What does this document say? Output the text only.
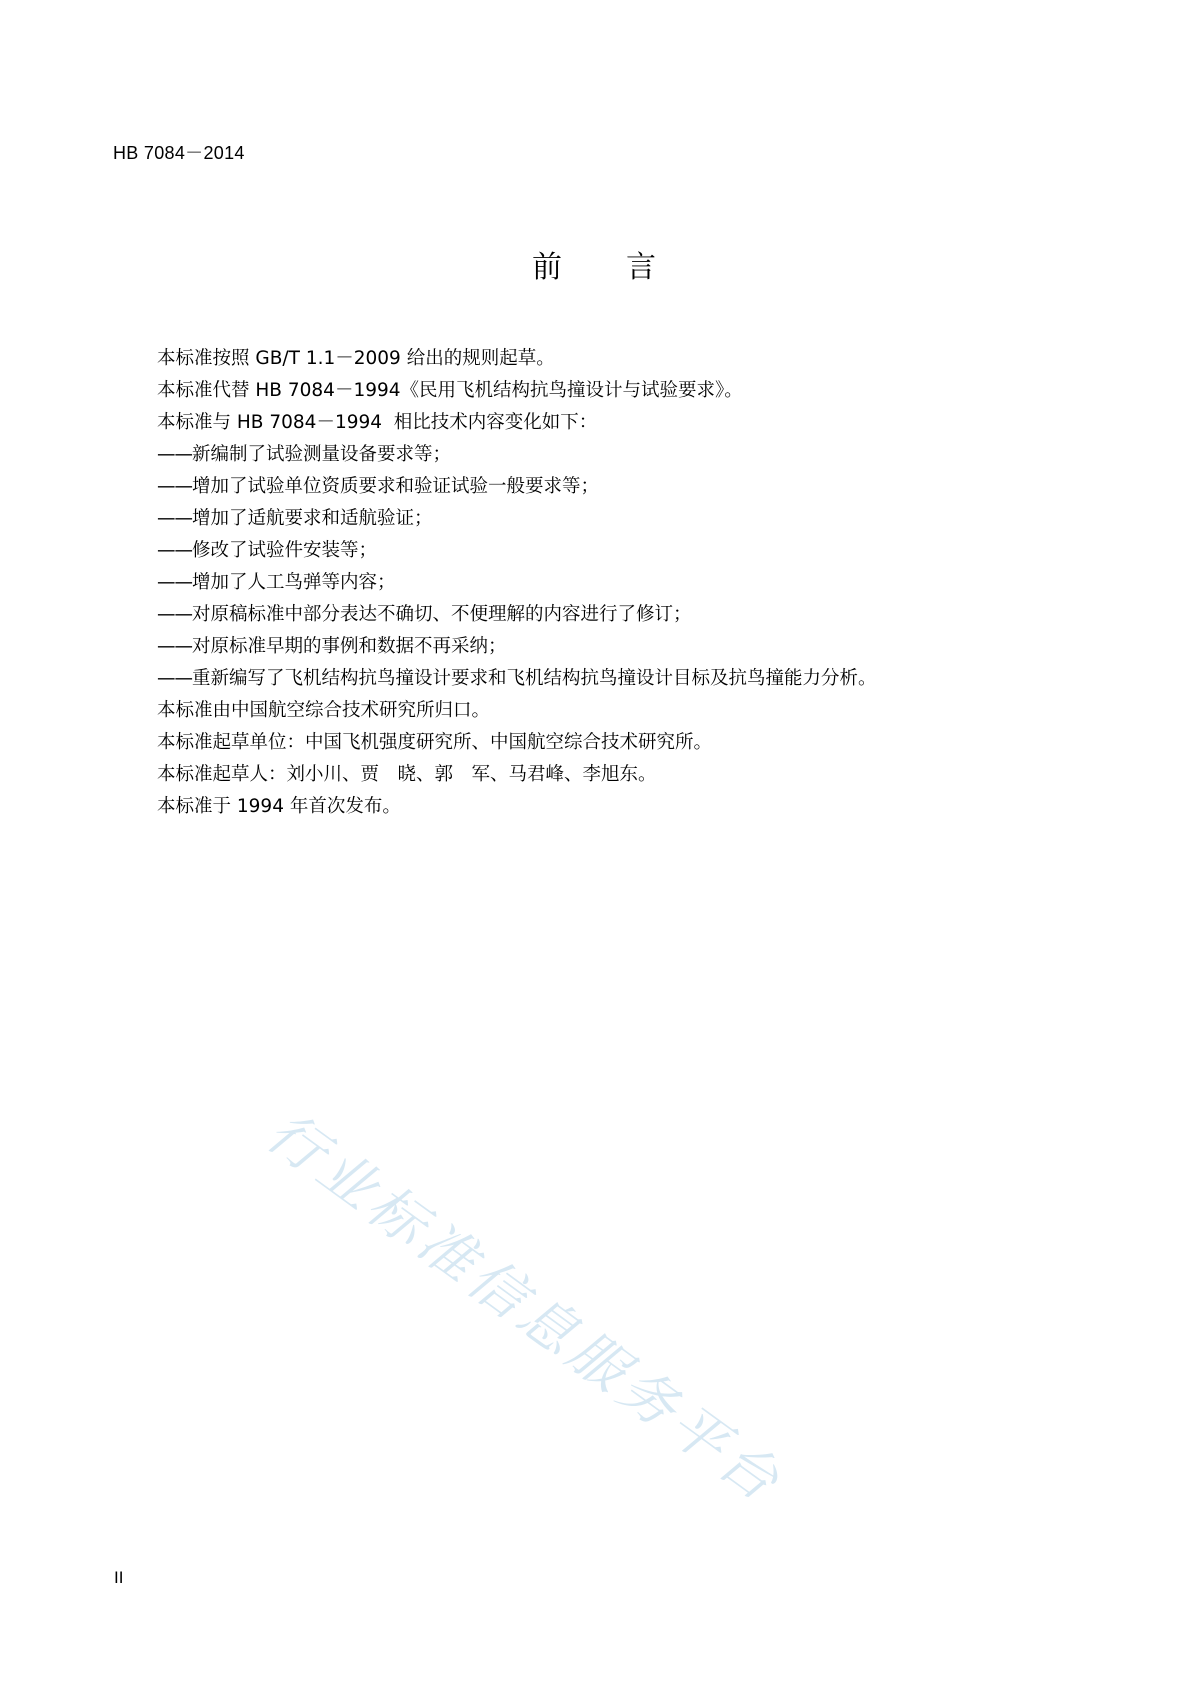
HB 7084－2014
前 言
本标准按照 GB/T 1.1－2009 给出的规则起草。
本标准代替 HB 7084－1994《民用飞机结构抗鸟撞设计与试验要求》。
本标准与 HB 7084－1994  相比技术内容变化如下：
——新编制了试验测量设备要求等；
——增加了试验单位资质要求和验证试验一般要求等；
——增加了适航要求和适航验证；
——修改了试验件安装等；
——增加了人工鸟弹等内容；
——对原稿标准中部分表达不确切、不便理解的内容进行了修订；
——对原标准早期的事例和数据不再采纳；
——重新编写了飞机结构抗鸟撞设计要求和飞机结构抗鸟撞设计目标及抗鸟撞能力分析。
本标准由中国航空综合技术研究所归口。
本标准起草单位：中国飞机强度研究所、中国航空综合技术研究所。
本标准起草人：刘小川、贾　晓、郭　军、马君峰、李旭东。
本标准于 1994 年首次发布。
行业标准信息服务平台
II
